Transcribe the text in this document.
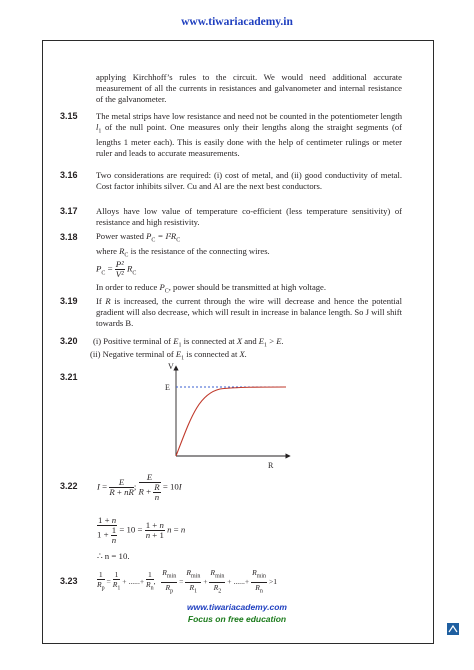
www.tiwariacademy.in
applying Kirchhoff’s rules to the circuit. We would need additional accurate measurement of all the currents in resistances and galvanometer and internal resistance of the galvanometer.
3.15 The metal strips have low resistance and need not be counted in the potentiometer length $l_1$ of the null point. One measures only their lengths along the straight segments (of lengths 1 meter each). This is easily done with the help of centimeter rulings or meter ruler and leads to accurate measurements.
3.16 Two considerations are required: (i) cost of metal, and (ii) good conductivity of metal. Cost factor inhibits silver. Cu and Al are the next best conductors.
3.17 Alloys have low value of temperature co-efficient (less temperature sensitivity) of resistance and high resistivity.
3.18 Power wasted $P_C = I^2R_C$
where $R_C$ is the resistance of the connecting wires.
$P_C = \frac{\text{P²}}{\text{V²}} R_C$
In order to reduce $P_C$, power should be transmitted at high voltage.
3.19 If R is increased, the current through the wire will decrease and hence the potential gradient will also decrease, which will result in increase in balance length. So J will shift towards B.
3.20 (i) Positive terminal of $E_1$ is connected at X and $E_1 > E$.
(ii) Negative terminal of $E_1$ is connected at X.
3.21
V
R
E
3.22 $I = \frac{E}{R + nR}$ ; $\frac{E}{R + \frac{R}{n}} = 10I$
$\frac{1 + n}{1 + \frac{1}{n}} = 10 = \frac{1 + n}{n + 1}$ n = n
∴ n = 10.
3.23	$\frac{1}{R_p} = \frac{1}{R_1}$ + ......+ $\frac{1}{R_n}$ , $\frac{R_{min}}{R_p} = \frac{R_{min}}{R_1} + \frac{R_{min}}{R_2}$ + ......+ $\frac{R_{min}}{R_n} >1$
www.tiwariacademy.com
Focus on free education
